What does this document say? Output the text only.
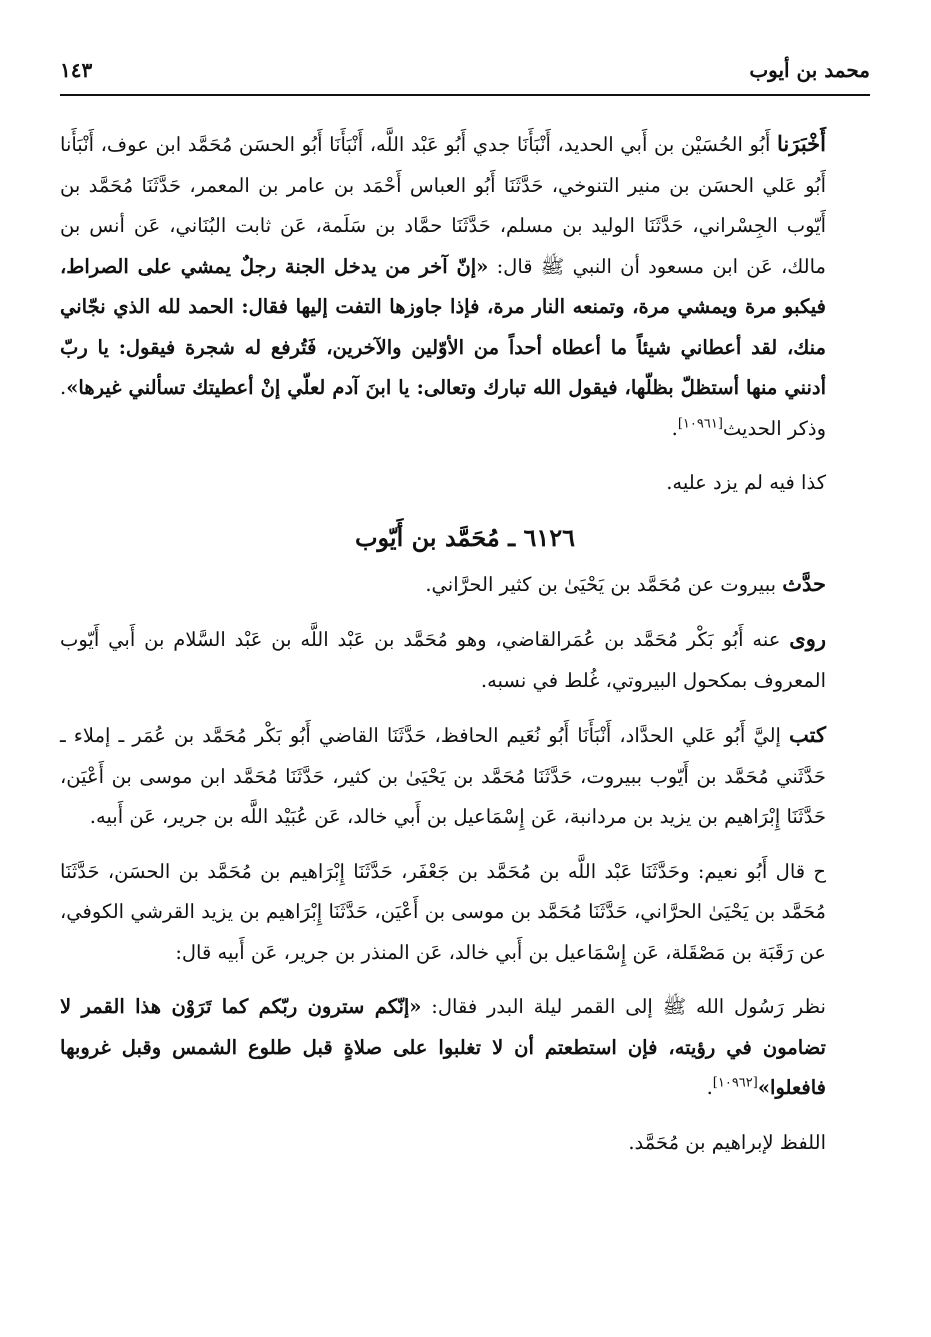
محمد بن أيوب
١٤٣

أَخْبَرَنا أَبُو الحُسَيْن بن أَبي الحديد، أَنْبَأَنَا جدي أَبُو عَبْد اللَّه، أَنْبَأَنَا أَبُو الحسَن مُحَمَّد ابن عوف، أَنْبَأَنا أَبُو عَلي الحسَن بن منير التنوخي، حَدَّثَنَا أَبُو العباس أَحْمَد بن عامر بن المعمر، حَدَّثَنَا مُحَمَّد بن أَيّوب الجِسْراني، حَدَّثَنَا الوليد بن مسلم، حَدَّثَنَا حمَّاد بن سَلَمة، عَن ثابت البُنَاني، عَن أنس بن مالك، عَن ابن مسعود أن النبي ﷺ قال: «إنّ آخر من يدخل الجنة رجلٌ يمشي على الصراط، فيكبو مرة ويمشي مرة، وتمنعه النار مرة، فإذا جاوزها التفت إليها فقال: الحمد لله الذي نجّاني منك، لقد أعطاني شيئاً ما أعطاه أحداً من الأوّلين والآخرين، فَتُرفع له شجرة فيقول: يا ربّ أدنني منها أستظلّ بظلّها، فيقول الله تبارك وتعالى: يا ابنَ آدم لعلّي إنْ أعطيتك تسألني غيرها». وذكر الحديث[١٠٩٦١].

كذا فيه لم يزد عليه.

٦١٢٦ ـ مُحَمَّد بن أَيّوب

حدَّث ببيروت عن مُحَمَّد بن يَحْيَىٰ بن كثير الحرَّاني.

روى عنه أَبُو بَكْر مُحَمَّد بن عُمَرالقاضي، وهو مُحَمَّد بن عَبْد اللَّه بن عَبْد السَّلام بن أَبي أَيّوب المعروف بمكحول البيروتي، غُلط في نسبه.

كتب إليَّ أَبُو عَلي الحدَّاد، أَنْبَأَنَا أَبُو نُعَيم الحافظ، حَدَّثَنَا القاضي أَبُو بَكْر مُحَمَّد بن عُمَر ـ إملاء ـ حَدَّثَني مُحَمَّد بن أَيّوب ببيروت، حَدَّثَنَا مُحَمَّد بن يَحْيَىٰ بن كثير، حَدَّثَنَا مُحَمَّد ابن موسى بن أَعْيَن، حَدَّثَنَا إِبْرَاهيم بن يزيد بن مردانبة، عَن إِسْمَاعيل بن أَبي خالد، عَن عُبَيْد اللَّه بن جرير، عَن أَبيه.

ح قال أَبُو نعيم: وحَدَّثَنَا عَبْد اللَّه بن مُحَمَّد بن جَعْفَر، حَدَّثَنَا إِبْرَاهيم بن مُحَمَّد بن الحسَن، حَدَّثَنَا مُحَمَّد بن يَحْيَىٰ الحرَّاني، حَدَّثَنَا مُحَمَّد بن موسى بن أَعْيَن، حَدَّثَنَا إِبْرَاهيم بن يزيد القرشي الكوفي، عن رَقَبَة بن مَصْقَلة، عَن إِسْمَاعيل بن أَبي خالد، عَن المنذر بن جرير، عَن أَبيه قال:

نظر رَسُول الله ﷺ إلى القمر ليلة البدر فقال: «إنّكم سترون ربّكم كما تَرَوْن هذا القمر لا تضامون في رؤيته، فإن استطعتم أن لا تغلبوا على صلاةٍ قبل طلوع الشمس وقبل غروبها فافعلوا»[١٠٩٦٢].

اللفظ لإبراهيم بن مُحَمَّد.
